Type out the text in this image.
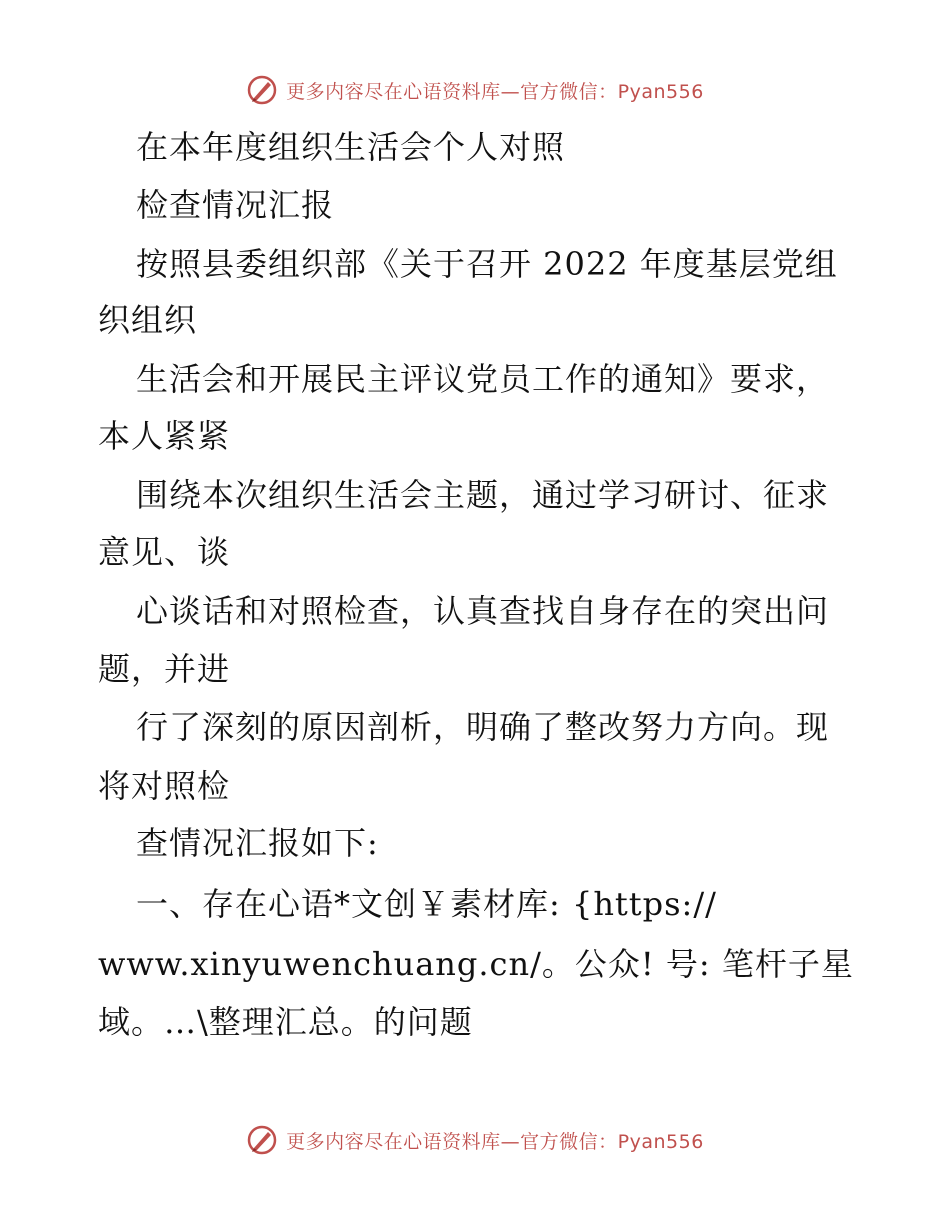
更多内容尽在心语资料库—官方微信：Pyan556
在本年度组织生活会个人对照
检查情况汇报
按照县委组织部《关于召开 2022 年度基层党组
织组织
生活会和开展民主评议党员工作的通知》要求，
本人紧紧
围绕本次组织生活会主题，通过学习研讨、征求
意见、谈
心谈话和对照检查，认真查找自身存在的突出问
题，并进
行了深刻的原因剖析，明确了整改努力方向。现
将对照检
查情况汇报如下:
一、存在心语*文创￥素材库: {https://
www.xinyuwenchuang.cn/。公众! 号: 笔杆子星
域。…\整理汇总。的问题
更多内容尽在心语资料库—官方微信：Pyan556
